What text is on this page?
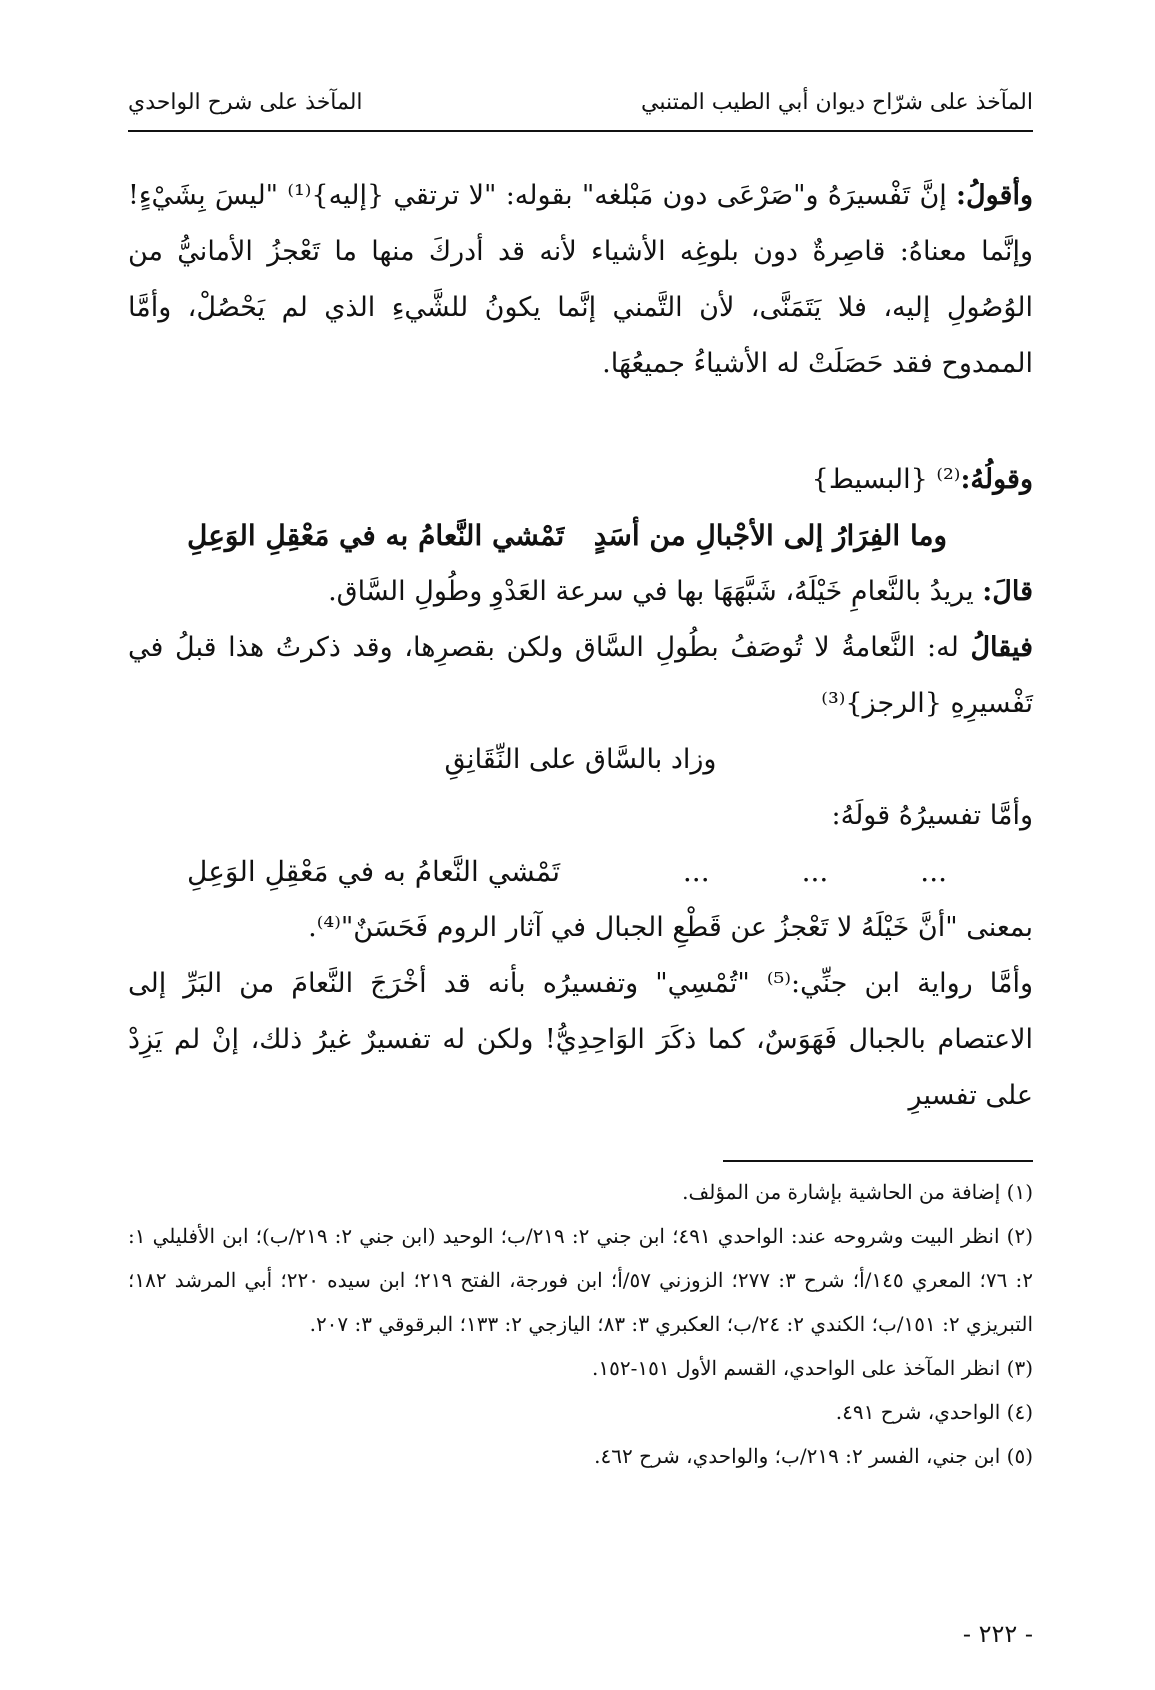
المآخذ على شرّاح ديوان أبي الطيب المتنبي
المآخذ على شرح الواحدي

وأقولُ: إنَّ تَفْسيرَهُ و"صَرْعَى دون مَبْلغه" بقوله: "لا ترتقي {إليه}⁽¹⁾ "ليسَ بِشَيْءٍ! وإنَّما معناهُ: قاصِرةٌ دون بلوغِه الأشياء لأنه قد أدركَ منها ما تَعْجزُ الأمانيُّ من الوُصُولِ إليه، فلا يَتَمَنَّى، لأن التَّمني إنَّما يكونُ للشَّيءِ الذي لم يَحْصُلْ، وأمَّا الممدوح فقد حَصَلَتْ له الأشياءُ جميعُهَا.

وقولُهُ:⁽²⁾ {البسيط}

وما الفِرَارُ إلى الأجْبالِ من أسَدٍ
تَمْشي النَّعامُ به في مَعْقِلِ الوَعِلِ

قالَ: يريدُ بالنَّعامِ خَيْلَهُ، شَبَّهَهَا بها في سرعة العَدْوِ وطُولِ السَّاق.

فيقالُ له: النَّعامةُ لا تُوصَفُ بطُولِ السَّاق ولكن بقصرِها، وقد ذكرتُ هذا قبلُ في تَفْسيرِهِ {الرجز}⁽³⁾

وزاد بالسَّاق على النِّقَانِقِ

وأمَّا تفسيرُهُ قولَهُ:

...
...
...
تَمْشي النَّعامُ به في مَعْقِلِ الوَعِلِ

بمعنى "أنَّ خَيْلَهُ لا تَعْجزُ عن قَطْعِ الجبال في آثار الروم فَحَسَنٌ"⁽⁴⁾.

وأمَّا رواية ابن جنِّي:⁽⁵⁾ "تُمْسِي" وتفسيرُه بأنه قد أخْرَجَ النَّعامَ من البَرِّ إلى الاعتصام بالجبال فَهَوَسٌ، كما ذكَرَ الوَاحِدِيُّ! ولكن له تفسيرٌ غيرُ ذلك، إنْ لم يَزِدْ على تفسيرِ

(١) إضافة من الحاشية بإشارة من المؤلف.

(٢) انظر البيت وشروحه عند: الواحدي ٤٩١؛ ابن جني ٢: ٢١٩/ب؛ الوحيد (ابن جني ٢: ٢١٩/ب)؛ ابن الأفليلي ١: ٢: ٧٦؛ المعري ١٤٥/أ؛ شرح ٣: ٢٧٧؛ الزوزني ٥٧/أ؛ ابن فورجة، الفتح ٢١٩؛ ابن سيده ٢٢٠؛ أبي المرشد ١٨٢؛ التبريزي ٢: ١٥١/ب؛ الكندي ٢: ٢٤/ب؛ العكبري ٣: ٨٣؛ اليازجي ٢: ١٣٣؛ البرقوقي ٣: ٢٠٧.

(٣) انظر المآخذ على الواحدي، القسم الأول ١٥١-١٥٢.

(٤) الواحدي، شرح ٤٩١.

(٥) ابن جني، الفسر ٢: ٢١٩/ب؛ والواحدي، شرح ٤٦٢.

- ٢٢٢ -
